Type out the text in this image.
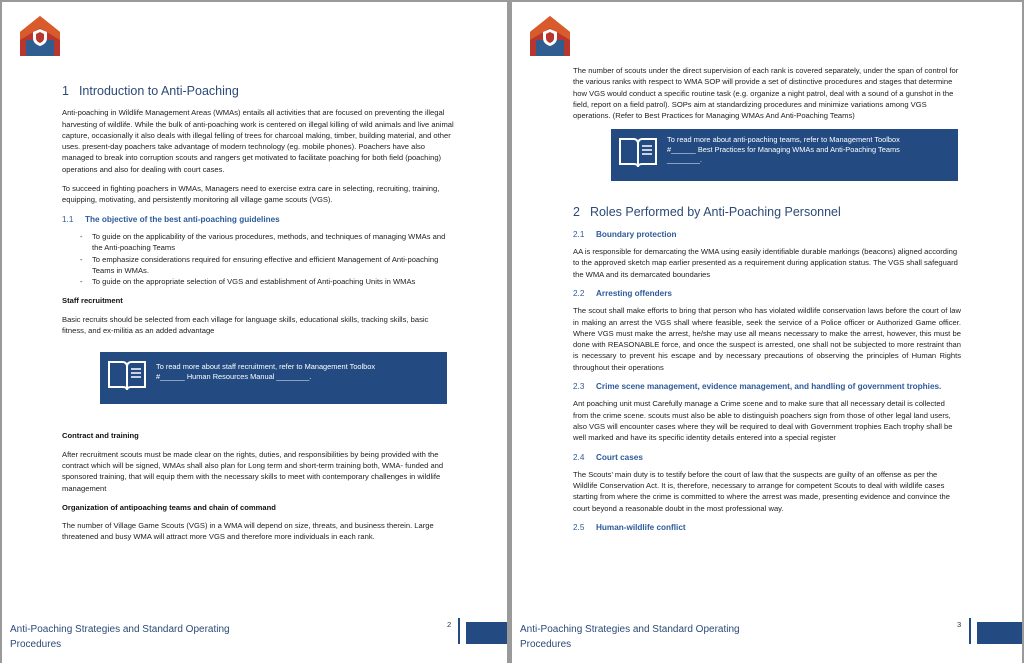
1 Introduction to Anti-Poaching

Anti-poaching in Wildlife Management Areas (WMAs) entails all activities that are focused on preventing the illegal harvesting of wildlife. While the bulk of anti-poaching work is centered on illegal killing of wild animals and live animal capture, occasionally it also deals with illegal felling of trees for charcoal making, timber, building material, and other uses. present-day poachers take advantage of modern technology (eg. mobile phones). Poachers have also managed to break into corruption scouts and rangers get motivated to facilitate poaching for both field (poaching) operations and also for dealing with court cases.

To succeed in fighting poachers in WMAs, Managers need to exercise extra care in selecting, recruiting, training, equipping, motivating, and persistently monitoring all village game scouts (VGS).

1.1 The objective of the best anti-poaching guidelines
- To guide on the applicability of the various procedures, methods, and techniques of managing WMAs and the Anti-poaching Teams
- To emphasize considerations required for ensuring effective and efficient Management of Anti-poaching Teams in WMAs.
- To guide on the appropriate selection of VGS and establishment of Anti-poaching Units in WMAs
Staff recruitment

Basic recruits should be selected from each village for language skills, educational skills, tracking skills, basic fitness, and ex-militia as an added advantage

To read more about staff recruitment, refer to Management Toolbox
#______ Human Resources Manual ________.
Contract and training

After recruitment scouts must be made clear on the rights, duties, and responsibilities by being provided with the contract which will be signed, WMAs shall also plan for Long term and short-term training both, WMA- funded and sponsored training, that will equip them with the necessary skills to meet with contemporary challenges in wildlife management

Organization of antipoaching teams and chain of command

The number of Village Game Scouts (VGS) in a WMA will depend on size, threats, and business therein. Large threatened and busy WMA will attract more VGS and therefore more individuals in each rank.

Anti-Poaching Strategies and Standard Operating Procedures
2

The number of scouts under the direct supervision of each rank is covered separately, under the span of control for the various ranks with respect to WMA SOP will provide a set of distinctive procedures and stages that determine how VGS would conduct a specific routine task (e.g. organize a night patrol, deal with a sound of a gunshot in the field, report on a field patrol). SOPs aim at standardizing procedures and minimize variations among VGS operations. (Refer to Best Practices for Managing WMAs And Anti-Poaching Teams)

To read more about anti-poaching teams, refer to Management Toolbox
#______ Best Practices for Managing WMAs and Anti-Poaching Teams
________.
2 Roles Performed by Anti-Poaching Personnel
2.1 Boundary protection

AA is responsible for demarcating the WMA using easily identifiable durable markings (beacons) aligned according to the approved sketch map earlier presented as a requirement during application status. The VGS shall safeguard the WMA and its demarcated boundaries

2.2 Arresting offenders

The scout shall make efforts to bring that person who has violated wildlife conservation laws before the court of law in making an arrest the VGS shall where feasible, seek the service of a Police officer or Authorized Game officer. Where VGS must make the arrest, he/she may use all means necessary to make the arrest, however, this must be done with REASONABLE force, and once the suspect is arrested, one shall not be subjected to more restraint than is necessary to prevent his escape and by necessary precautions of observing the principles of Human Rights throughout their operations

2.3 Crime scene management, evidence management, and handling of government trophies.

Ant poaching unit must Carefully manage a Crime scene and to make sure that all necessary detail is collected from the crime scene. scouts must also be able to distinguish poachers sign from those of other legal land users, also VGS will encounter cases where they will be required to deal with Government trophies Each trophy shall be well marked and have its specific identity details entered into a special register

2.4 Court cases

The Scouts’ main duty is to testify before the court of law that the suspects are guilty of an offense as per the Wildlife Conservation Act. It is, therefore, necessary to arrange for competent Scouts to deal with wildlife cases starting from where the crime is committed to where the arrest was made, presenting evidence and convince the court beyond a reasonable doubt in the most professional way.

2.5 Human-wildlife conflict
Anti-Poaching Strategies and Standard Operating Procedures
3
